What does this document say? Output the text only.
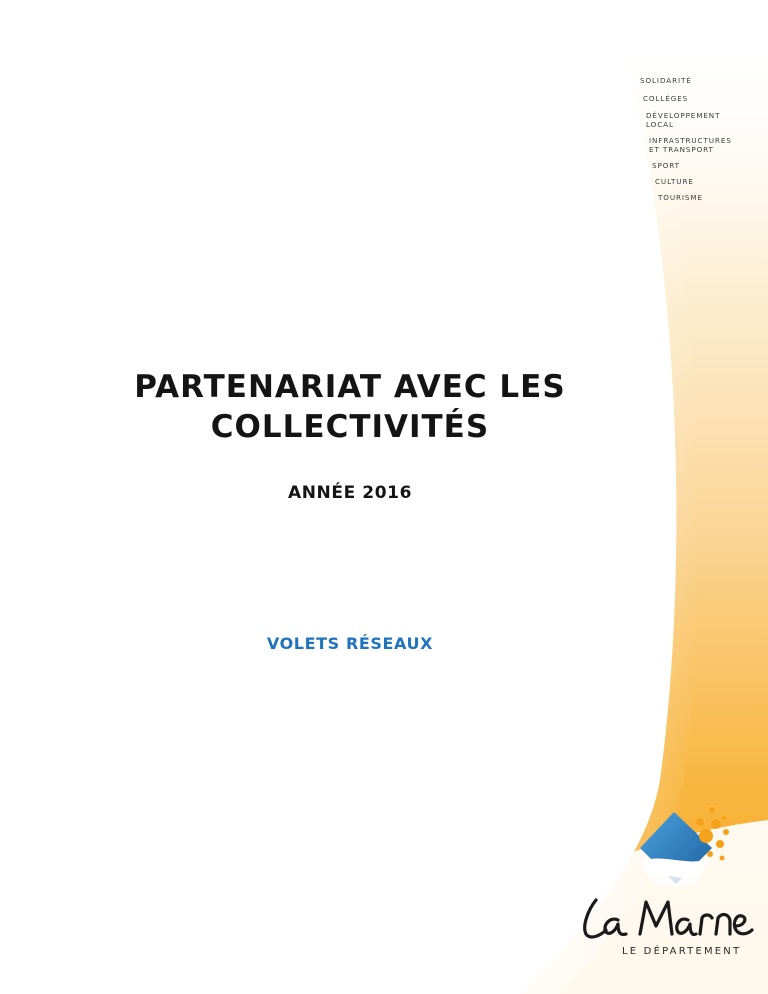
SOLIDARITÉ
COLLÈGES
DÉVELOPPEMENT
LOCAL
INFRASTRUCTURES
ET TRANSPORT
SPORT
CULTURE
TOURISME
PARTENARIAT AVEC LES COLLECTIVITÉS
ANNÉE 2016
VOLETS RÉSEAUX
LE DÉPARTEMENT
